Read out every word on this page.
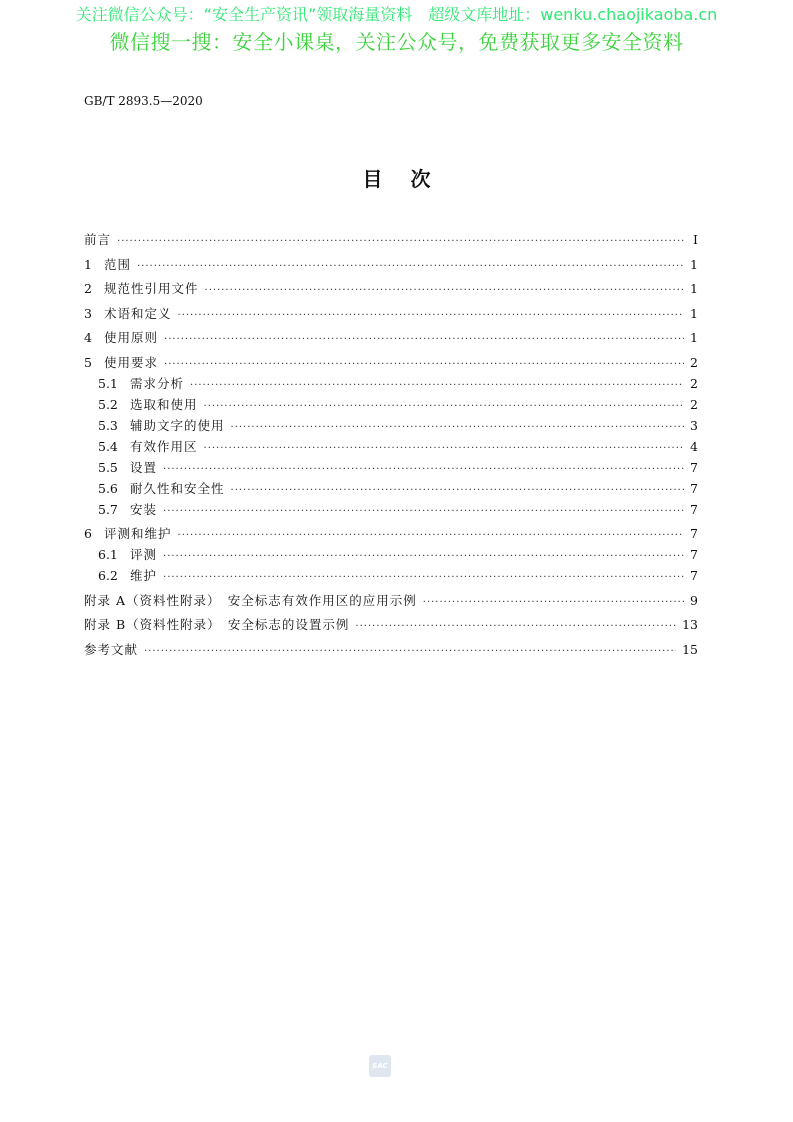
关注微信公众号：“安全生产资讯”领取海量资料　超级文库地址：wenku.chaojikaoba.cn
微信搜一搜：安全小课桌，关注公众号，免费获取更多安全资料
GB/T 2893.5—2020
目次
前言 ·····	I
1 范围 ·····	1
2 规范性引用文件 ·····	1
3 术语和定义 ·····	1
4 使用原则 ·····	1
5 使用要求 ·····	2
5.1 需求分析 ·····	2
5.2 选取和使用 ·····	2
5.3 辅助文字的使用 ·····	3
5.4 有效作用区 ·····	4
5.5 设置 ·····	7
5.6 耐久性和安全性 ·····	7
5.7 安装 ·····	7
6 评测和维护 ·····	7
6.1 评测 ·····	7
6.2 维护 ·····	7
附录 A（资料性附录）　安全标志有效作用区的应用示例 ·····	9
附录 B（资料性附录）　安全标志的设置示例 ·····	13
参考文献 ·····	15
SAC
